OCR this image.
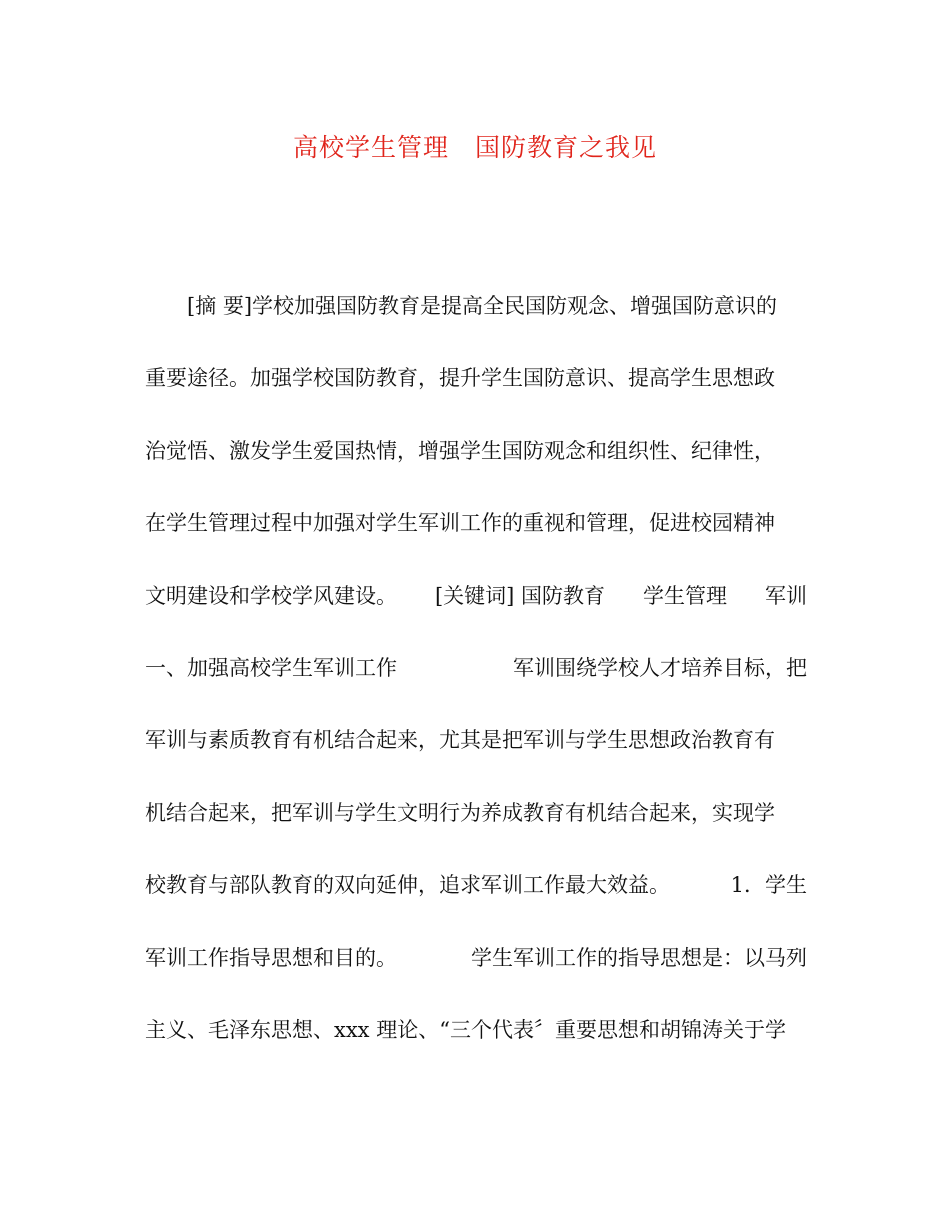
高校学生管理　国防教育之我见
[摘 要]学校加强国防教育是提高全民国防观念、增强国防意识的
重要途径。加强学校国防教育，提升学生国防意识、提高学生思想政
治觉悟、激发学生爱国热情，增强学生国防观念和组织性、纪律性，
在学生管理过程中加强对学生军训工作的重视和管理，促进校园精神
文明建设和学校学风建设。 [关键词] 国防教育 学生管理 军训
一、加强高校学生军训工作	军训围绕学校人才培养目标，把
军训与素质教育有机结合起来，尤其是把军训与学生思想政治教育有
机结合起来，把军训与学生文明行为养成教育有机结合起来，实现学
校教育与部队教育的双向延伸，追求军训工作最大效益。	1．学生
军训工作指导思想和目的。	学生军训工作的指导思想是：以马列
主义、毛泽东思想、xxx 理论、“三个代表〞重要思想和胡锦涛关于学
